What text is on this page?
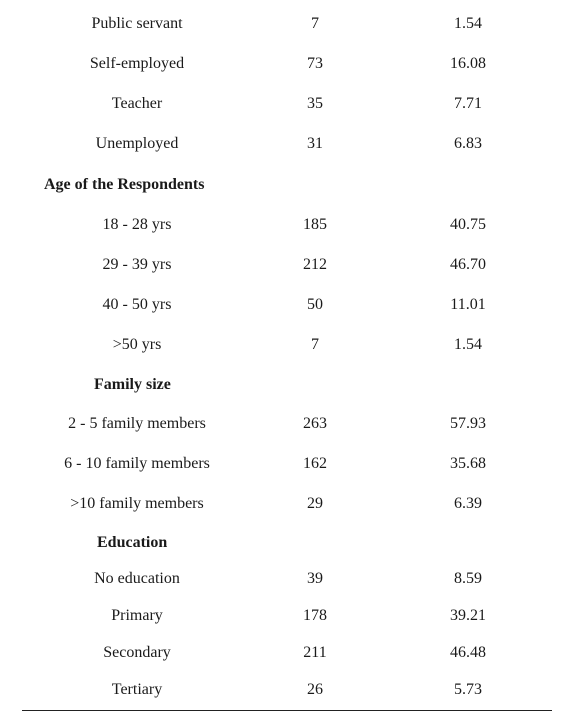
Public servant	7	1.54
Self-employed	73	16.08
Teacher	35	7.71
Unemployed	31	6.83
Age of the Respondents
18 - 28 yrs	185	40.75
29 - 39 yrs	212	46.70
40 - 50 yrs	50	11.01
>50 yrs	7	1.54
Family size
2 - 5 family members	263	57.93
6 - 10 family members	162	35.68
>10 family members	29	6.39
Education
No education	39	8.59
Primary	178	39.21
Secondary	211	46.48
Tertiary	26	5.73
